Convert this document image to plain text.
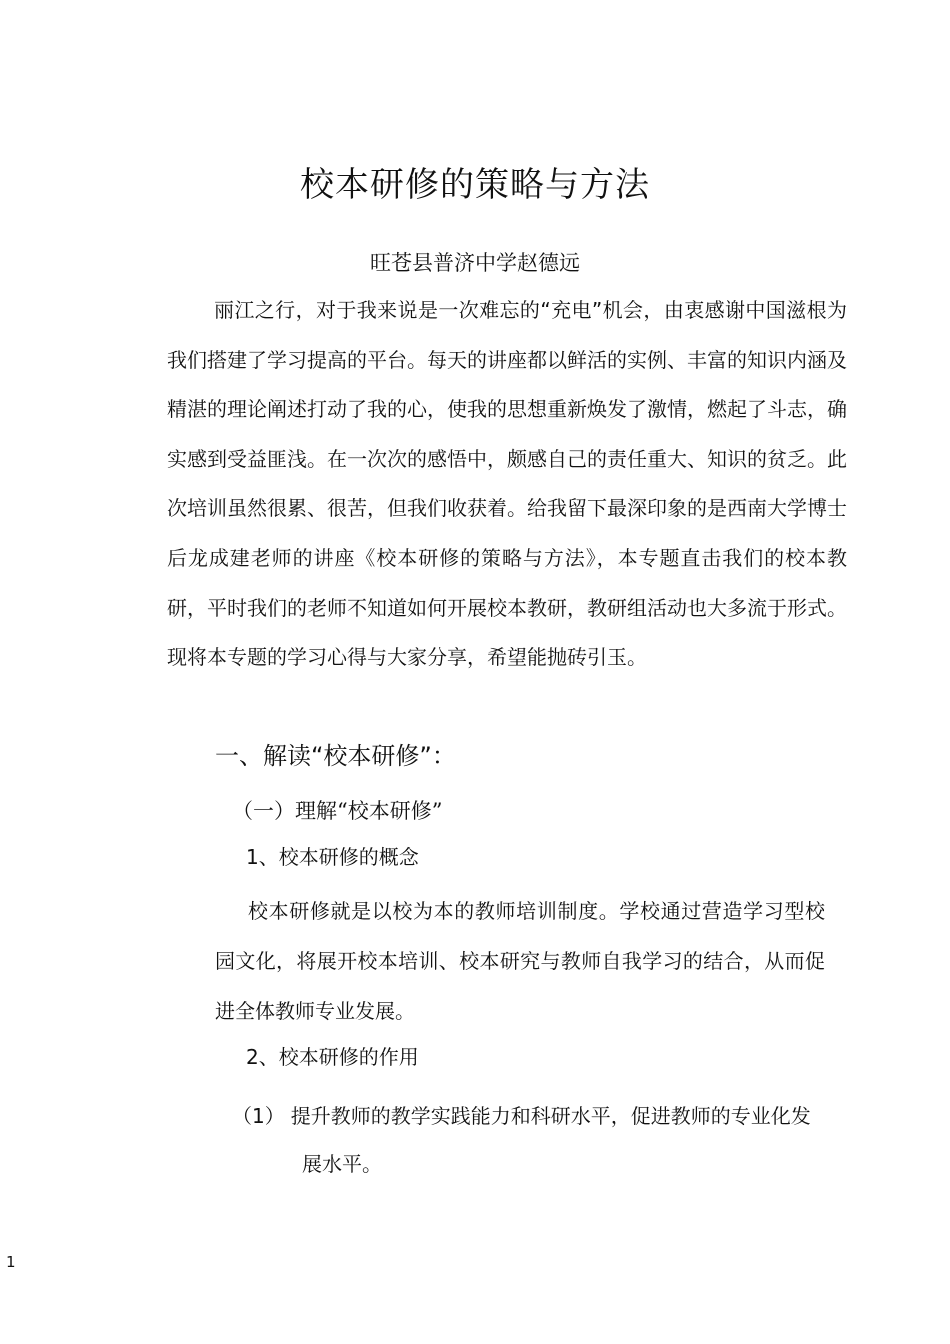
校本研修的策略与方法
旺苍县普济中学赵德远

丽江之行，对于我来说是一次难忘的“充电”机会，由衷感谢中国滋根为我们搭建了学习提高的平台。每天的讲座都以鲜活的实例、丰富的知识内涵及精湛的理论阐述打动了我的心，使我的思想重新焕发了激情，燃起了斗志，确实感到受益匪浅。在一次次的感悟中，颇感自己的责任重大、知识的贫乏。此次培训虽然很累、很苦，但我们收获着。给我留下最深印象的是西南大学博士后龙成建老师的讲座《校本研修的策略与方法》，本专题直击我们的校本教研，平时我们的老师不知道如何开展校本教研，教研组活动也大多流于形式。现将本专题的学习心得与大家分享，希望能抛砖引玉。

一、解读“校本研修”：

（一）理解“校本研修”

1、校本研修的概念

校本研修就是以校为本的教师培训制度。学校通过营造学习型校园文化，将展开校本培训、校本研究与教师自我学习的结合，从而促进全体教师专业发展。

2、校本研修的作用

（1） 提升教师的教学实践能力和科研水平，促进教师的专业化发
展水平。
1
